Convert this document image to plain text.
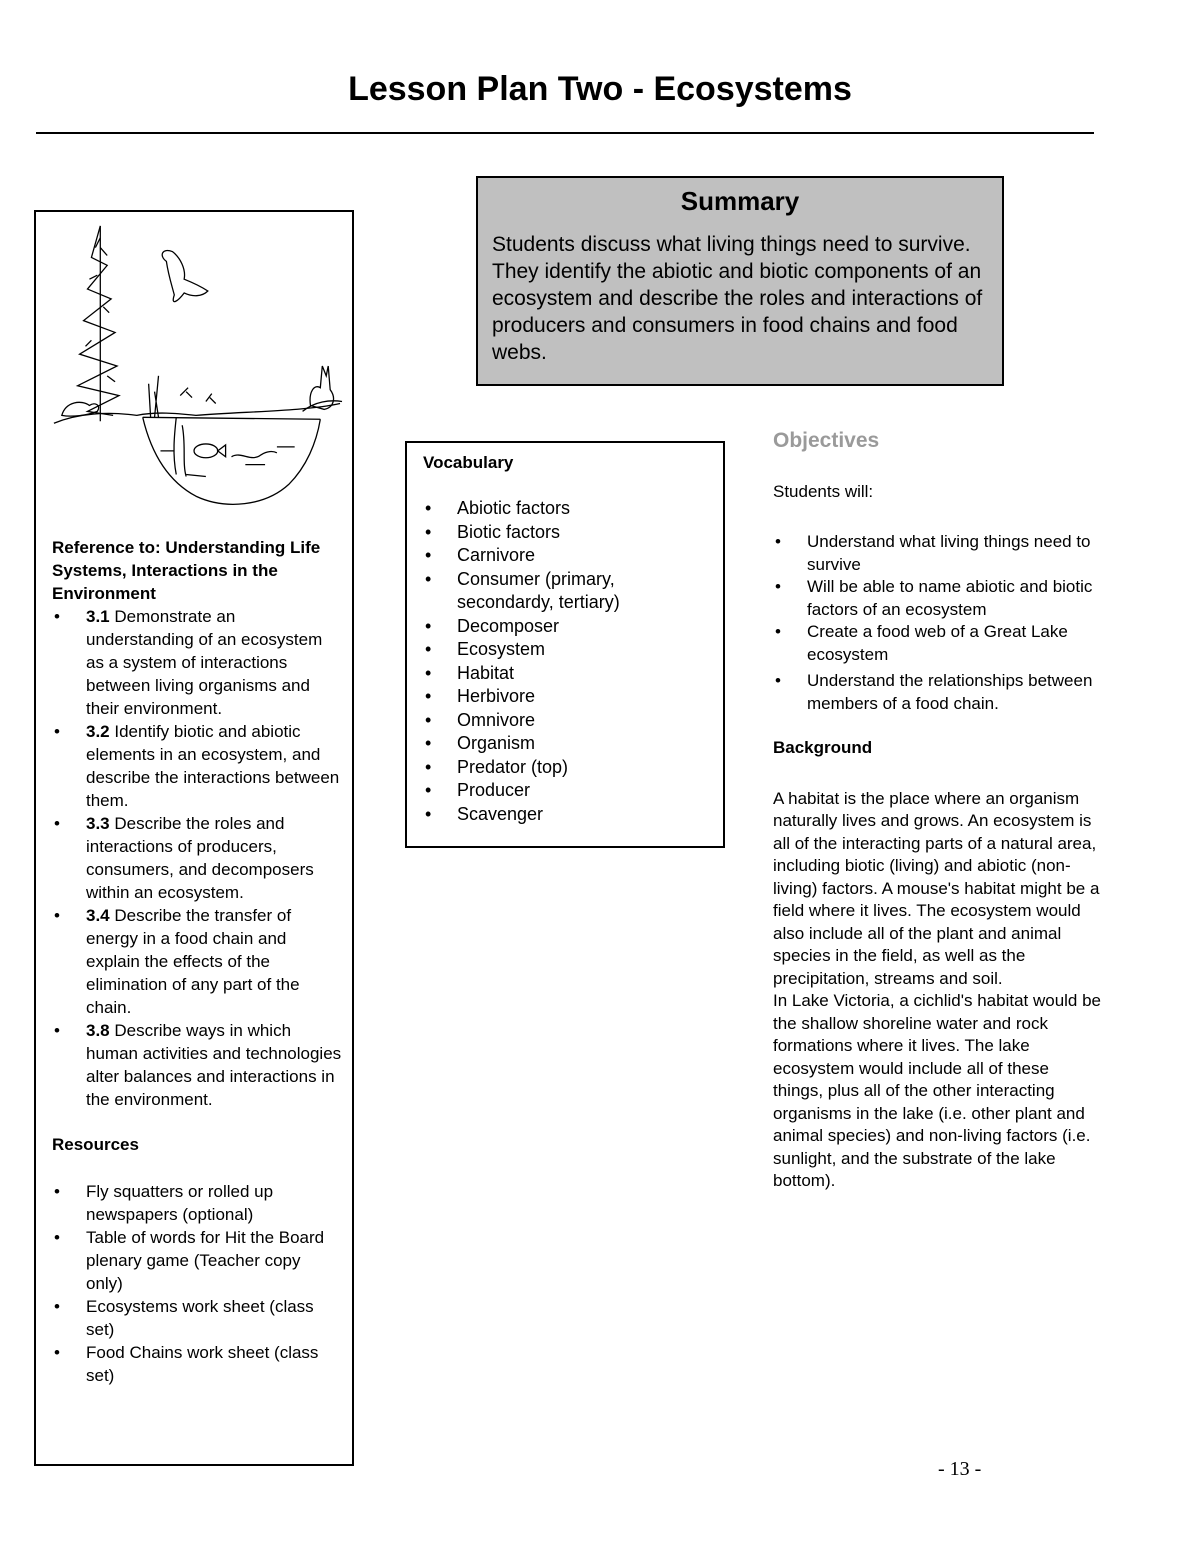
Lesson Plan Two - Ecosystems
Summary

Students discuss what living things need to survive. They identify the abiotic and biotic components of an ecosystem and describe the roles and interactions of producers and consumers in food chains and food webs.

Reference to: Understanding Life Systems, Interactions in the Environment

• 3.1 Demonstrate an understanding of an ecosystem as a system of interactions between living organisms and their environment.
• 3.2 Identify biotic and abiotic elements in an ecosystem, and describe the interactions between them.
• 3.3 Describe the roles and interactions of producers, consumers, and decomposers within an ecosystem.
• 3.4 Describe the transfer of energy in a food chain and explain the effects of the elimination of any part of the chain.
• 3.8 Describe ways in which human activities and technologies alter balances and interactions in the environment.

Resources

• Fly squatters or rolled up newspapers (optional)
• Table of words for Hit the Board plenary game (Teacher copy only)
• Ecosystems work sheet (class set)
• Food Chains work sheet (class set)
Vocabulary
• Abiotic factors
• Biotic factors
• Carnivore
• Consumer (primary, secondardy, tertiary)
• Decomposer
• Ecosystem
• Habitat
• Herbivore
• Omnivore
• Organism
• Predator (top)
• Producer
• Scavenger

Objectives

Students will:

• Understand what living things need to survive
• Will be able to name abiotic and biotic factors of an ecosystem
• Create a food web of a Great Lake ecosystem
• Understand the relationships between members of a food chain.

Background

A habitat is the place where an organism naturally lives and grows. An ecosystem is all of the interacting parts of a natural area, including biotic (living) and abiotic (non-living) factors. A mouse's habitat might be a field where it lives. The ecosystem would also include all of the plant and animal species in the field, as well as the precipitation, streams and soil.

In Lake Victoria, a cichlid's habitat would be the shallow shoreline water and rock formations where it lives. The lake ecosystem would include all of these things, plus all of the other interacting organisms in the lake (i.e. other plant and animal species) and non-living factors (i.e. sunlight, and the substrate of the lake bottom).

- 13 -
